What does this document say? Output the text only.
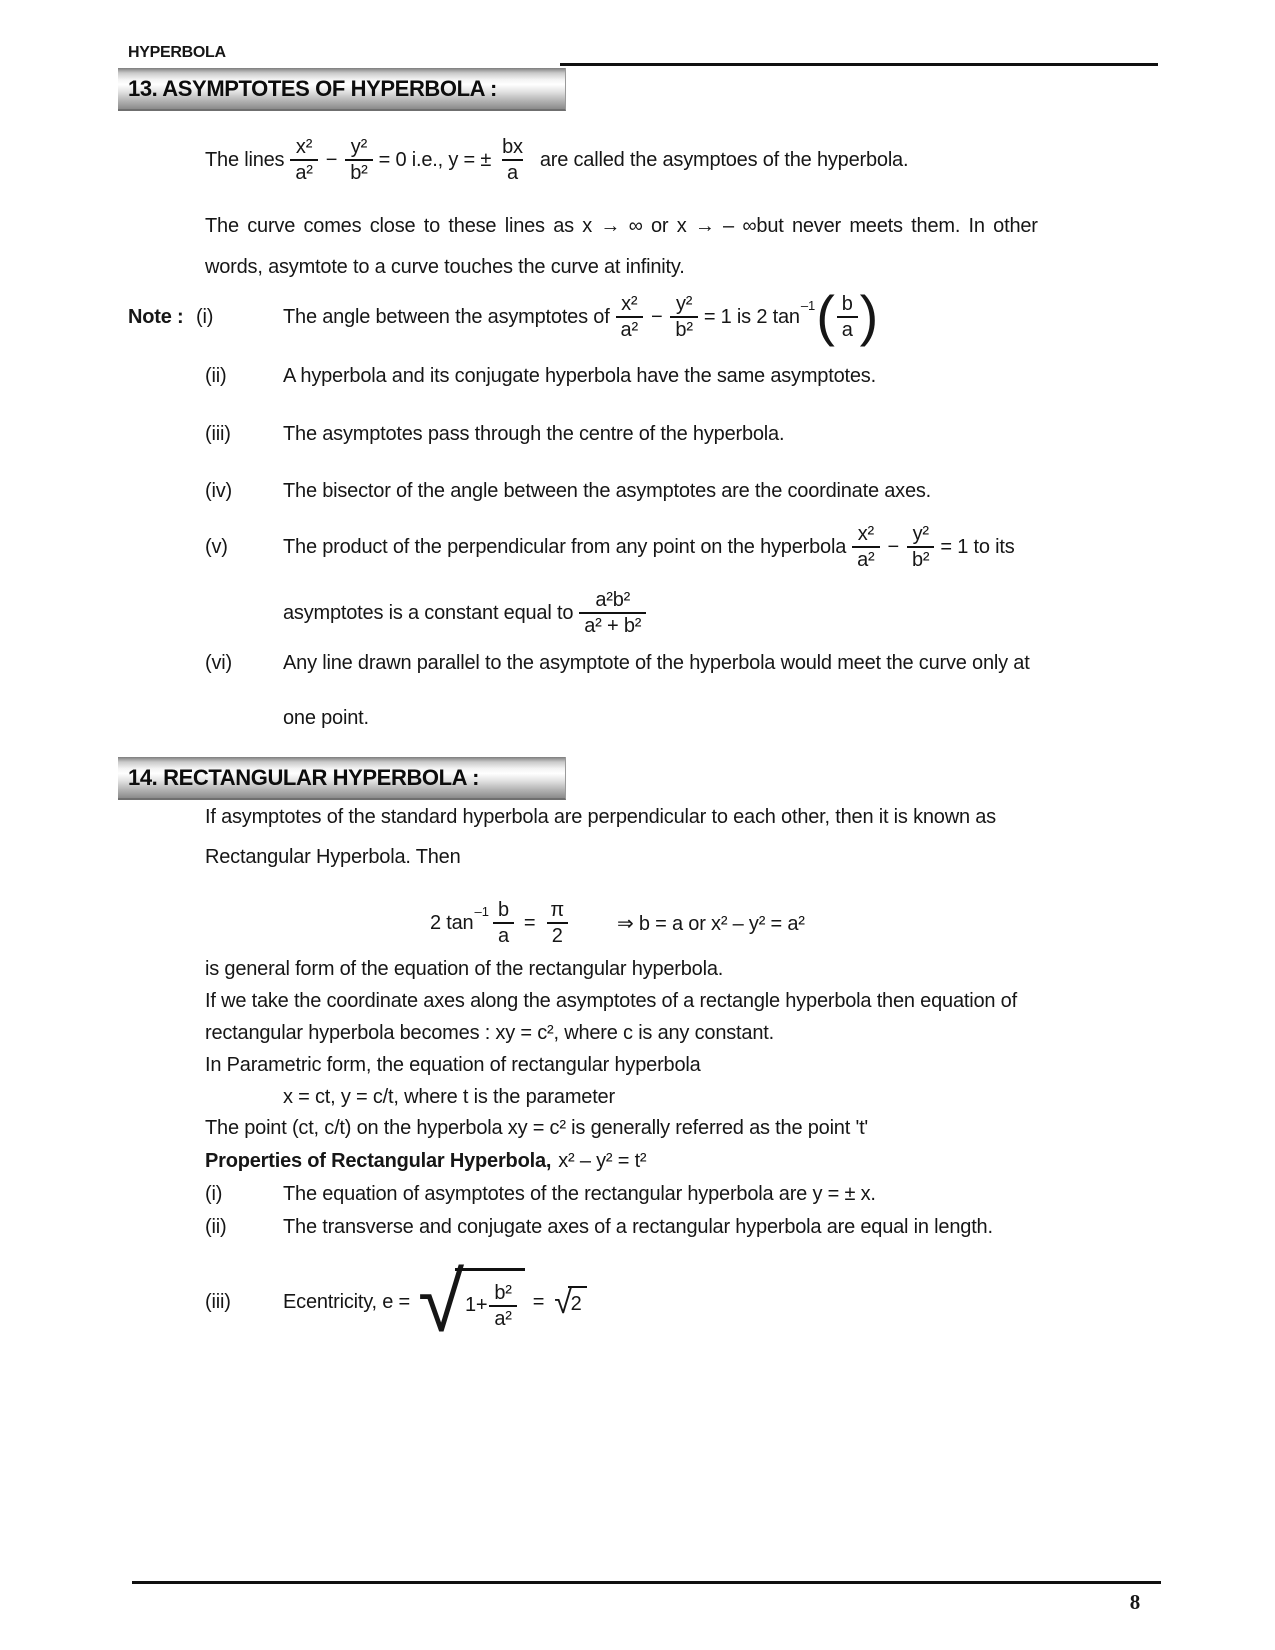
HYPERBOLA
13. ASYMPTOTES OF HYPERBOLA :
The lines $\frac{\text{x²}}{\text{a²}} - \frac{\text{y²}}{\text{b²}} = 0$ i.e., y = ± $\frac{bx}{a}$ are called the asymptoes of the hyperbola.
The curve comes close to these lines as x → ∞ or x → – ∞but never meets them. In other
words, asymtote to a curve touches the curve at infinity.
Note : (i)	The angle between the asymptotes of $\frac{\text{x²}}{\text{a²}} - \frac{\text{y²}}{\text{b²}} = 1$ is 2 tan
–1 ( $\frac{b}{a}$ )
(ii)	A hyperbola and its conjugate hyperbola have the same asymptotes.
(iii)	The asymptotes pass through the centre of the hyperbola.
(iv)	The bisector of the angle between the asymptotes are the coordinate axes.
(v)	The product of the perpendicular from any point on the hyperbola $\frac{\text{x²}}{\text{a²}} - \frac{\text{y²}}{\text{b²}} = 1$ to its
asymptotes is a constant equal to $\frac{\text{a²b²}}{\text{a² + b²}}$
(vi)	Any line drawn parallel to the asymptote of the hyperbola would meet the curve only at
one point.
14. RECTANGULAR HYPERBOLA :
If asymptotes of the standard hyperbola are perpendicular to each other, then it is known as
Rectangular Hyperbola. Then
2 tan
$-1 \frac{b}{a} = \frac{\pi}{2}$ ⇒ b = a or x² – y² = a²
is general form of the equation of the rectangular hyperbola.
If we take the coordinate axes along the asymptotes of a rectangle hyperbola then equation of
rectangular hyperbola becomes : xy = c², where c is any constant.
In Parametric form, the equation of rectangular hyperbola
x = ct, y = c/t, where t is the parameter
The point (ct, c/t) on the hyperbola xy = c² is generally referred as the point 't'
Properties of Rectangular Hyperbola, x² – y² = t²
(i)	The equation of asymptotes of the rectangular hyperbola are y = ± x.
(ii)	The transverse and conjugate axes of a rectangular hyperbola are equal in length.
(iii)	Ecentricity, e = √ $1+ \frac{\text{b²}}{\text{a²}}$ = √ 2
8
